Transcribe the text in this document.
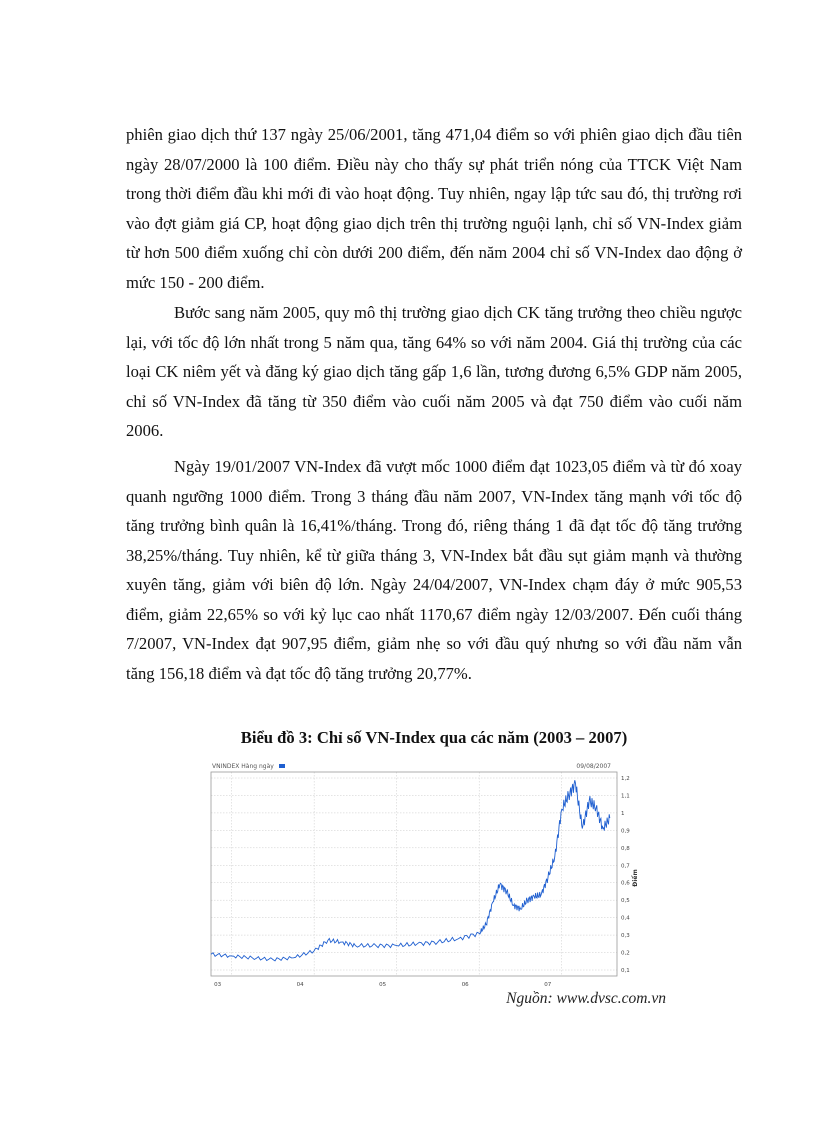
phiên giao dịch thứ 137 ngày 25/06/2001, tăng 471,04 điểm so với phiên giao dịch đầu tiên ngày 28/07/2000 là 100 điểm. Điều này cho thấy sự phát triển nóng của TTCK Việt Nam trong thời điểm đầu khi mới đi vào hoạt động. Tuy nhiên, ngay lập tức sau đó, thị trường rơi vào đợt giảm giá CP, hoạt động giao dịch trên thị trường nguội lạnh, chỉ số VN-Index giảm từ hơn 500 điểm xuống chỉ còn dưới 200 điểm, đến năm 2004 chỉ số VN-Index dao động ở mức 150 - 200 điểm.

Bước sang năm 2005, quy mô thị trường giao dịch CK tăng trưởng theo chiều ngược lại, với tốc độ lớn nhất trong 5 năm qua, tăng 64% so với năm 2004. Giá thị trường của các loại CK niêm yết và đăng ký giao dịch tăng gấp 1,6 lần, tương đương 6,5% GDP năm 2005, chỉ số VN-Index đã tăng từ 350 điểm vào cuối năm 2005 và đạt 750 điểm vào cuối năm 2006.

Ngày 19/01/2007 VN-Index đã vượt mốc 1000 điểm đạt 1023,05 điểm và từ đó xoay quanh ngưỡng 1000 điểm. Trong 3 tháng đầu năm 2007, VN-Index tăng mạnh với tốc độ tăng trưởng bình quân là 16,41%/tháng. Trong đó, riêng tháng 1 đã đạt tốc độ tăng trưởng 38,25%/tháng. Tuy nhiên, kể từ giữa tháng 3, VN-Index bắt đầu sụt giảm mạnh và thường xuyên tăng, giảm với biên độ lớn. Ngày 24/04/2007, VN-Index chạm đáy ở mức 905,53 điểm, giảm 22,65% so với kỷ lục cao nhất 1170,67 điểm ngày 12/03/2007. Đến cuối tháng 7/2007, VN-Index đạt 907,95 điểm, giảm nhẹ so với đầu quý nhưng so với đầu năm vẫn tăng 156,18 điểm và đạt tốc độ tăng trưởng 20,77%.

Biểu đồ 3: Chỉ số VN-Index qua các năm (2003 – 2007)

VNINDEX Hàng ngày	09/08/2007
1,2
1,1
1
0,9
0,8
0,7
0,6
0,5
0,4
0,3
0,2
0,1
03	04	05	06	07
Điểm
Nguồn: www.dvsc.com.vn
